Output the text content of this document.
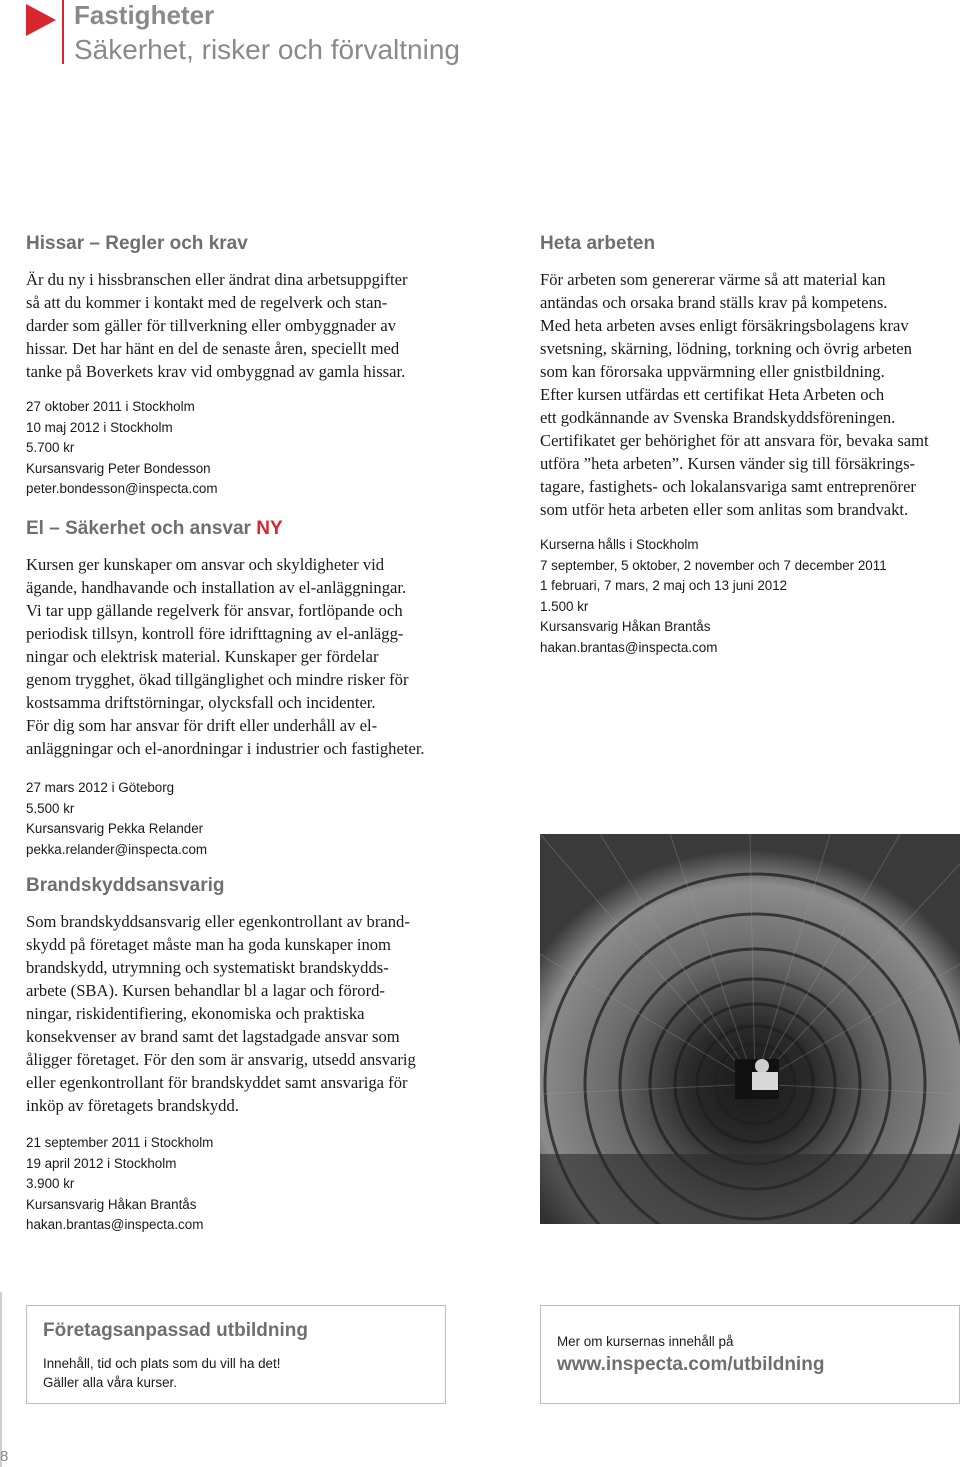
Fastigheter
Säkerhet, risker och förvaltning
Hissar – Regler och krav

Är du ny i hissbranschen eller ändrat dina arbetsuppgifter
så att du kommer i kontakt med de regelverk och stan-
darder som gäller för tillverkning eller ombyggnader av
hissar. Det har hänt en del de senaste åren, speciellt med
tanke på Boverkets krav vid ombyggnad av gamla hissar.

27 oktober 2011 i Stockholm

10 maj 2012 i Stockholm

5.700 kr

Kursansvarig Peter Bondesson

peter.bondesson@inspecta.com

El – Säkerhet och ansvar NY

Kursen ger kunskaper om ansvar och skyldigheter vid
ägande, handhavande och installation av el-anläggningar.
Vi tar upp gällande regelverk för ansvar, fortlöpande och
periodisk tillsyn, kontroll före idrifttagning av el-anlägg-
ningar och elektrisk material. Kunskaper ger fördelar
genom trygghet, ökad tillgänglighet och mindre risker för
kostsamma driftstörningar, olycksfall och incidenter.
För dig som har ansvar för drift eller underhåll av el-
anläggningar och el-anordningar i industrier och fastigheter.

27 mars 2012 i Göteborg

5.500 kr

Kursansvarig Pekka Relander

pekka.relander@inspecta.com

Brandskyddsansvarig

Som brandskyddsansvarig eller egenkontrollant av brand-
skydd på företaget måste man ha goda kunskaper inom
brandskydd, utrymning och systematiskt brandskydds-
arbete (SBA). Kursen behandlar bl a lagar och förord-
ningar, riskidentifiering, ekonomiska och praktiska
konsekvenser av brand samt det lagstadgade ansvar som
åligger företaget. För den som är ansvarig, utsedd ansvarig
eller egenkontrollant för brandskyddet samt ansvariga för
inköp av företagets brandskydd.

21 september 2011 i Stockholm

19 april 2012 i Stockholm

3.900 kr

Kursansvarig Håkan Brantås

hakan.brantas@inspecta.com

Heta arbeten

För arbeten som genererar värme så att material kan
antändas och orsaka brand ställs krav på kompetens.
Med heta arbeten avses enligt försäkringsbolagens krav
svetsning, skärning, lödning, torkning och övrig arbeten
som kan förorsaka uppvärmning eller gnistbildning.
Efter kursen utfärdas ett certifikat Heta Arbeten och
ett godkännande av Svenska Brandskyddsföreningen.
Certifikatet ger behörighet för att ansvara för, bevaka samt
utföra ”heta arbeten”. Kursen vänder sig till försäkrings-
tagare, fastighets- och lokalansvariga samt entreprenörer
som utför heta arbeten eller som anlitas som brandvakt.

Kurserna hålls i Stockholm

7 september, 5 oktober, 2 november och 7 december 2011

1 februari, 7 mars, 2 maj och 13 juni 2012

1.500 kr

Kursansvarig Håkan Brantås

hakan.brantas@inspecta.com

Företagsanpassad utbildning
Innehåll, tid och plats som du vill ha det!
Gäller alla våra kurser.
Mer om kursernas innehåll på
www.inspecta.com/utbildning
8
